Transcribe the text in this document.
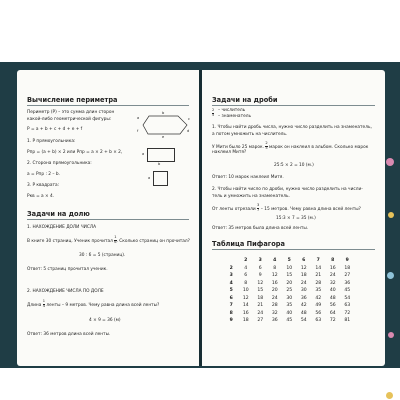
Вычисление периметра
Периметр (Р) – это сумма длин сторон
какой-либо геометрической фигуры:
P = a + b + c + d + e + f
1. P прямоугольника:
Pпр = (a + b) × 2 или Pпр = a × 2 + b × 2,
2. Сторона прямоугольника:
a = Pпр : 2 – b.
3. P квадрата:
Pкв = a × 4.
a
b
c
d
e
f
a
b
a
Задачи на долю
1. НАХОЖДЕНИЕ ДОЛИ ЧИСЛА
В книге 30 страниц. Ученик прочитал $\frac{1}{6}$ . Сколько страниц он прочитал?
30 : 6 = 5 (страниц).
Ответ: 5 страниц прочитал ученик.
2. НАХОЖДЕНИЕ ЧИСЛА ПО ДОЛЕ
Длина $\frac{1}{4}$ ленты – 9 метров. Чему равна длина всей ленты?
4 × 9 = 36 (м)
Ответ: 36 метров длина всей ленты.
Задачи на дроби
$\frac{2}{5}$ – числитель
– знаменатель
1. Чтобы найти дробь числа, нужно число разделить на знаменатель,
а потом умножить на числитель.
У Мити было 25 марок. $\frac{2}{5}$ марок он наклеил в альбом. Сколько марок
наклеил Митя?
25:5 × 2 = 10 (м.)
Ответ: 10 марок наклеил Митя.
2. Чтобы найти число по дроби, нужно число разделить на числи-
тель и умножить на знаменатель.
От ленты отрезали $\frac{3}{7} - 15$ метров. Чему равна длина всей ленты?
15:3 × 7 = 35 (м.)
Ответ: 35 метров была длина всей ленты.
Таблица Пифагора
	2	3	4	5	6	7	8	9
2	4	6	8	10	12	14	16	18
3	6	9	12	15	18	21	24	27
4	8	12	16	20	24	28	32	36
5	10	15	20	25	30	35	40	45
6	12	18	24	30	36	42	48	54
7	14	21	28	35	42	49	56	63
8	16	24	32	40	48	56	64	72
9	18	27	36	45	54	63	72	81
